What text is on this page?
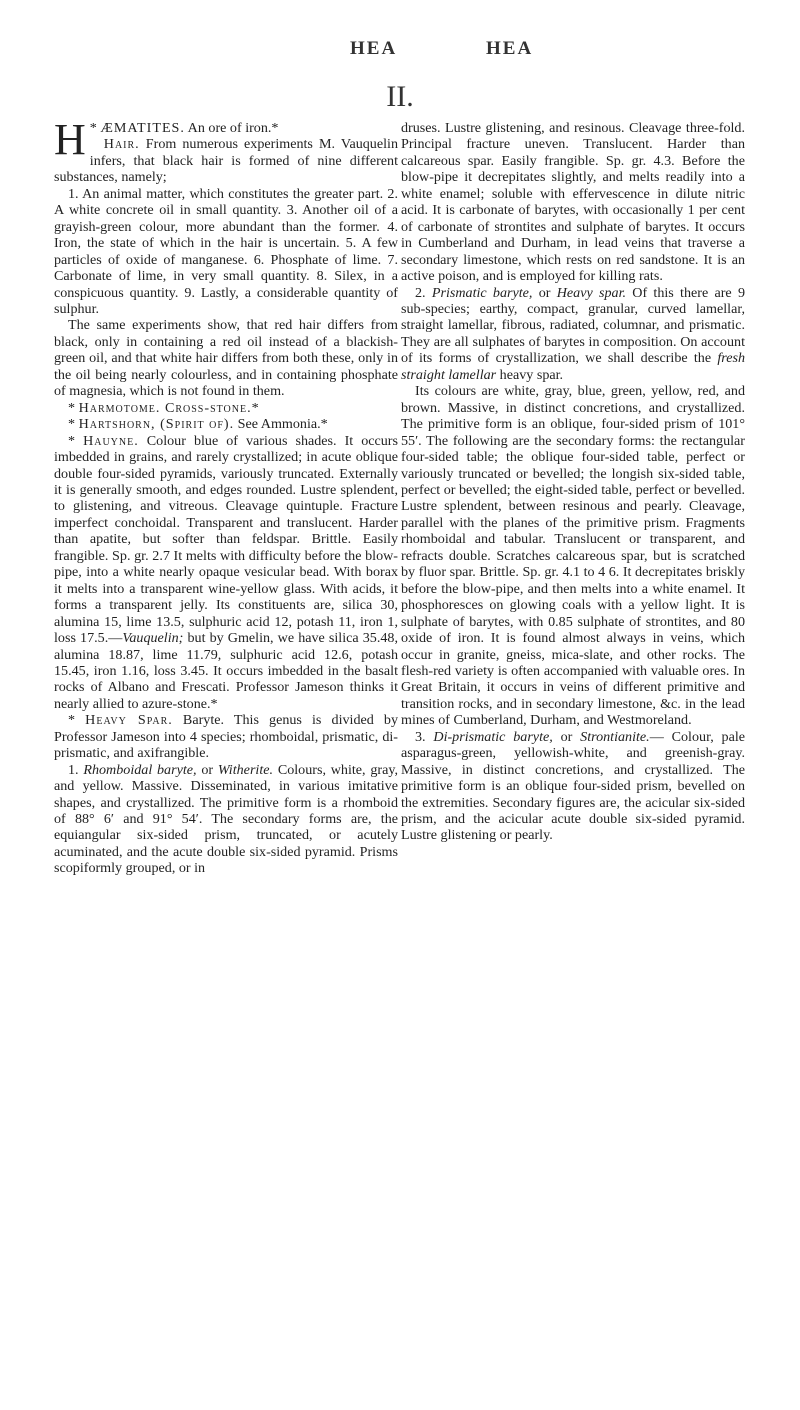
HEA	HEA
II.

*
H ÆMATITES. An ore of iron.*

Hair. From numerous experiments M. Vauquelin infers, that black hair is formed of nine different substances, namely;

1. An animal matter, which constitutes the greater part. 2. A white concrete oil in small quantity. 3. Another oil of a grayish-green colour, more abundant than the former. 4. Iron, the state of which in the hair is uncertain. 5. A few particles of oxide of manganese. 6. Phosphate of lime. 7. Carbonate of lime, in very small quantity. 8. Silex, in a conspicuous quantity. 9. Lastly, a considerable quantity of sulphur.

The same experiments show, that red hair differs from black, only in containing a red oil instead of a blackish-green oil, and that white hair differs from both these, only in the oil being nearly colourless, and in containing phosphate of magnesia, which is not found in them.

* Harmotome. Cross-stone.*

* Hartshorn, (Spirit of). See Ammonia.*

* Hauyne. Colour blue of various shades. It occurs imbedded in grains, and rarely crystallized; in acute oblique double four-sided pyramids, variously truncated. Externally it is generally smooth, and edges rounded. Lustre splendent, to glistening, and vitreous. Cleavage quintuple. Fracture imperfect conchoidal. Transparent and translucent. Harder than apatite, but softer than feldspar. Brittle. Easily frangible. Sp. gr. 2.7 It melts with difficulty before the blow-pipe, into a white nearly opaque vesicular bead. With borax it melts into a transparent wine-yellow glass. With acids, it forms a transparent jelly. Its constituents are, silica 30, alumina 15, lime 13.5, sulphuric acid 12, potash 11, iron 1, loss 17.5.—Vauquelin; but by Gmelin, we have silica 35.48, alumina 18.87, lime 11.79, sulphuric acid 12.6, potash 15.45, iron 1.16, loss 3.45. It occurs imbedded in the basalt rocks of Albano and Frescati. Professor Jameson thinks it nearly allied to azure-stone.*

* Heavy Spar. Baryte. This genus is divided by Professor Jameson into 4 species; rhomboidal, prismatic, di-prismatic, and axifrangible.

1. Rhomboidal baryte, or Witherite. Colours, white, gray, and yellow. Massive. Disseminated, in various imitative shapes, and crystallized. The primitive form is a rhomboid of 88° 6′ and 91° 54′. The secondary forms are, the equiangular six-sided prism, truncated, or acutely acuminated, and the acute double six-sided pyramid. Prisms scopiformly grouped, or in

druses. Lustre glistening, and resinous. Cleavage three-fold. Principal fracture uneven. Translucent. Harder than calcareous spar. Easily frangible. Sp. gr. 4.3. Before the blow-pipe it decrepitates slightly, and melts readily into a white enamel; soluble with effervescence in dilute nitric acid. It is carbonate of barytes, with occasionally 1 per cent of carbonate of strontites and sulphate of barytes. It occurs in Cumberland and Durham, in lead veins that traverse a secondary limestone, which rests on red sandstone. It is an active poison, and is employed for killing rats.

2. Prismatic baryte, or Heavy spar. Of this there are 9 sub-species; earthy, compact, granular, curved lamellar, straight lamellar, fibrous, radiated, columnar, and prismatic. They are all sulphates of barytes in composition. On account of its forms of crystallization, we shall describe the fresh straight lamellar heavy spar.

Its colours are white, gray, blue, green, yellow, red, and brown. Massive, in distinct concretions, and crystallized. The primitive form is an oblique, four-sided prism of 101° 55′. The following are the secondary forms: the rectangular four-sided table; the oblique four-sided table, perfect or variously truncated or bevelled; the longish six-sided table, perfect or bevelled; the eight-sided table, perfect or bevelled. Lustre splendent, between resinous and pearly. Cleavage, parallel with the planes of the primitive prism. Fragments rhomboidal and tabular. Translucent or transparent, and refracts double. Scratches calcareous spar, but is scratched by fluor spar. Brittle. Sp. gr. 4.1 to 4 6. It decrepitates briskly before the blow-pipe, and then melts into a white enamel. It phosphoresces on glowing coals with a yellow light. It is sulphate of barytes, with 0.85 sulphate of strontites, and 80 oxide of iron. It is found almost always in veins, which occur in granite, gneiss, mica-slate, and other rocks. The flesh-red variety is often accompanied with valuable ores. In Great Britain, it occurs in veins of different primitive and transition rocks, and in secondary limestone, &c. in the lead mines of Cumberland, Durham, and Westmoreland.

3. Di-prismatic baryte, or Strontianite.— Colour, pale asparagus-green, yellowish-white, and greenish-gray. Massive, in distinct concretions, and crystallized. The primitive form is an oblique four-sided prism, bevelled on the extremities. Secondary figures are, the acicular six-sided prism, and the acicular acute double six-sided pyramid. Lustre glistening or pearly.
